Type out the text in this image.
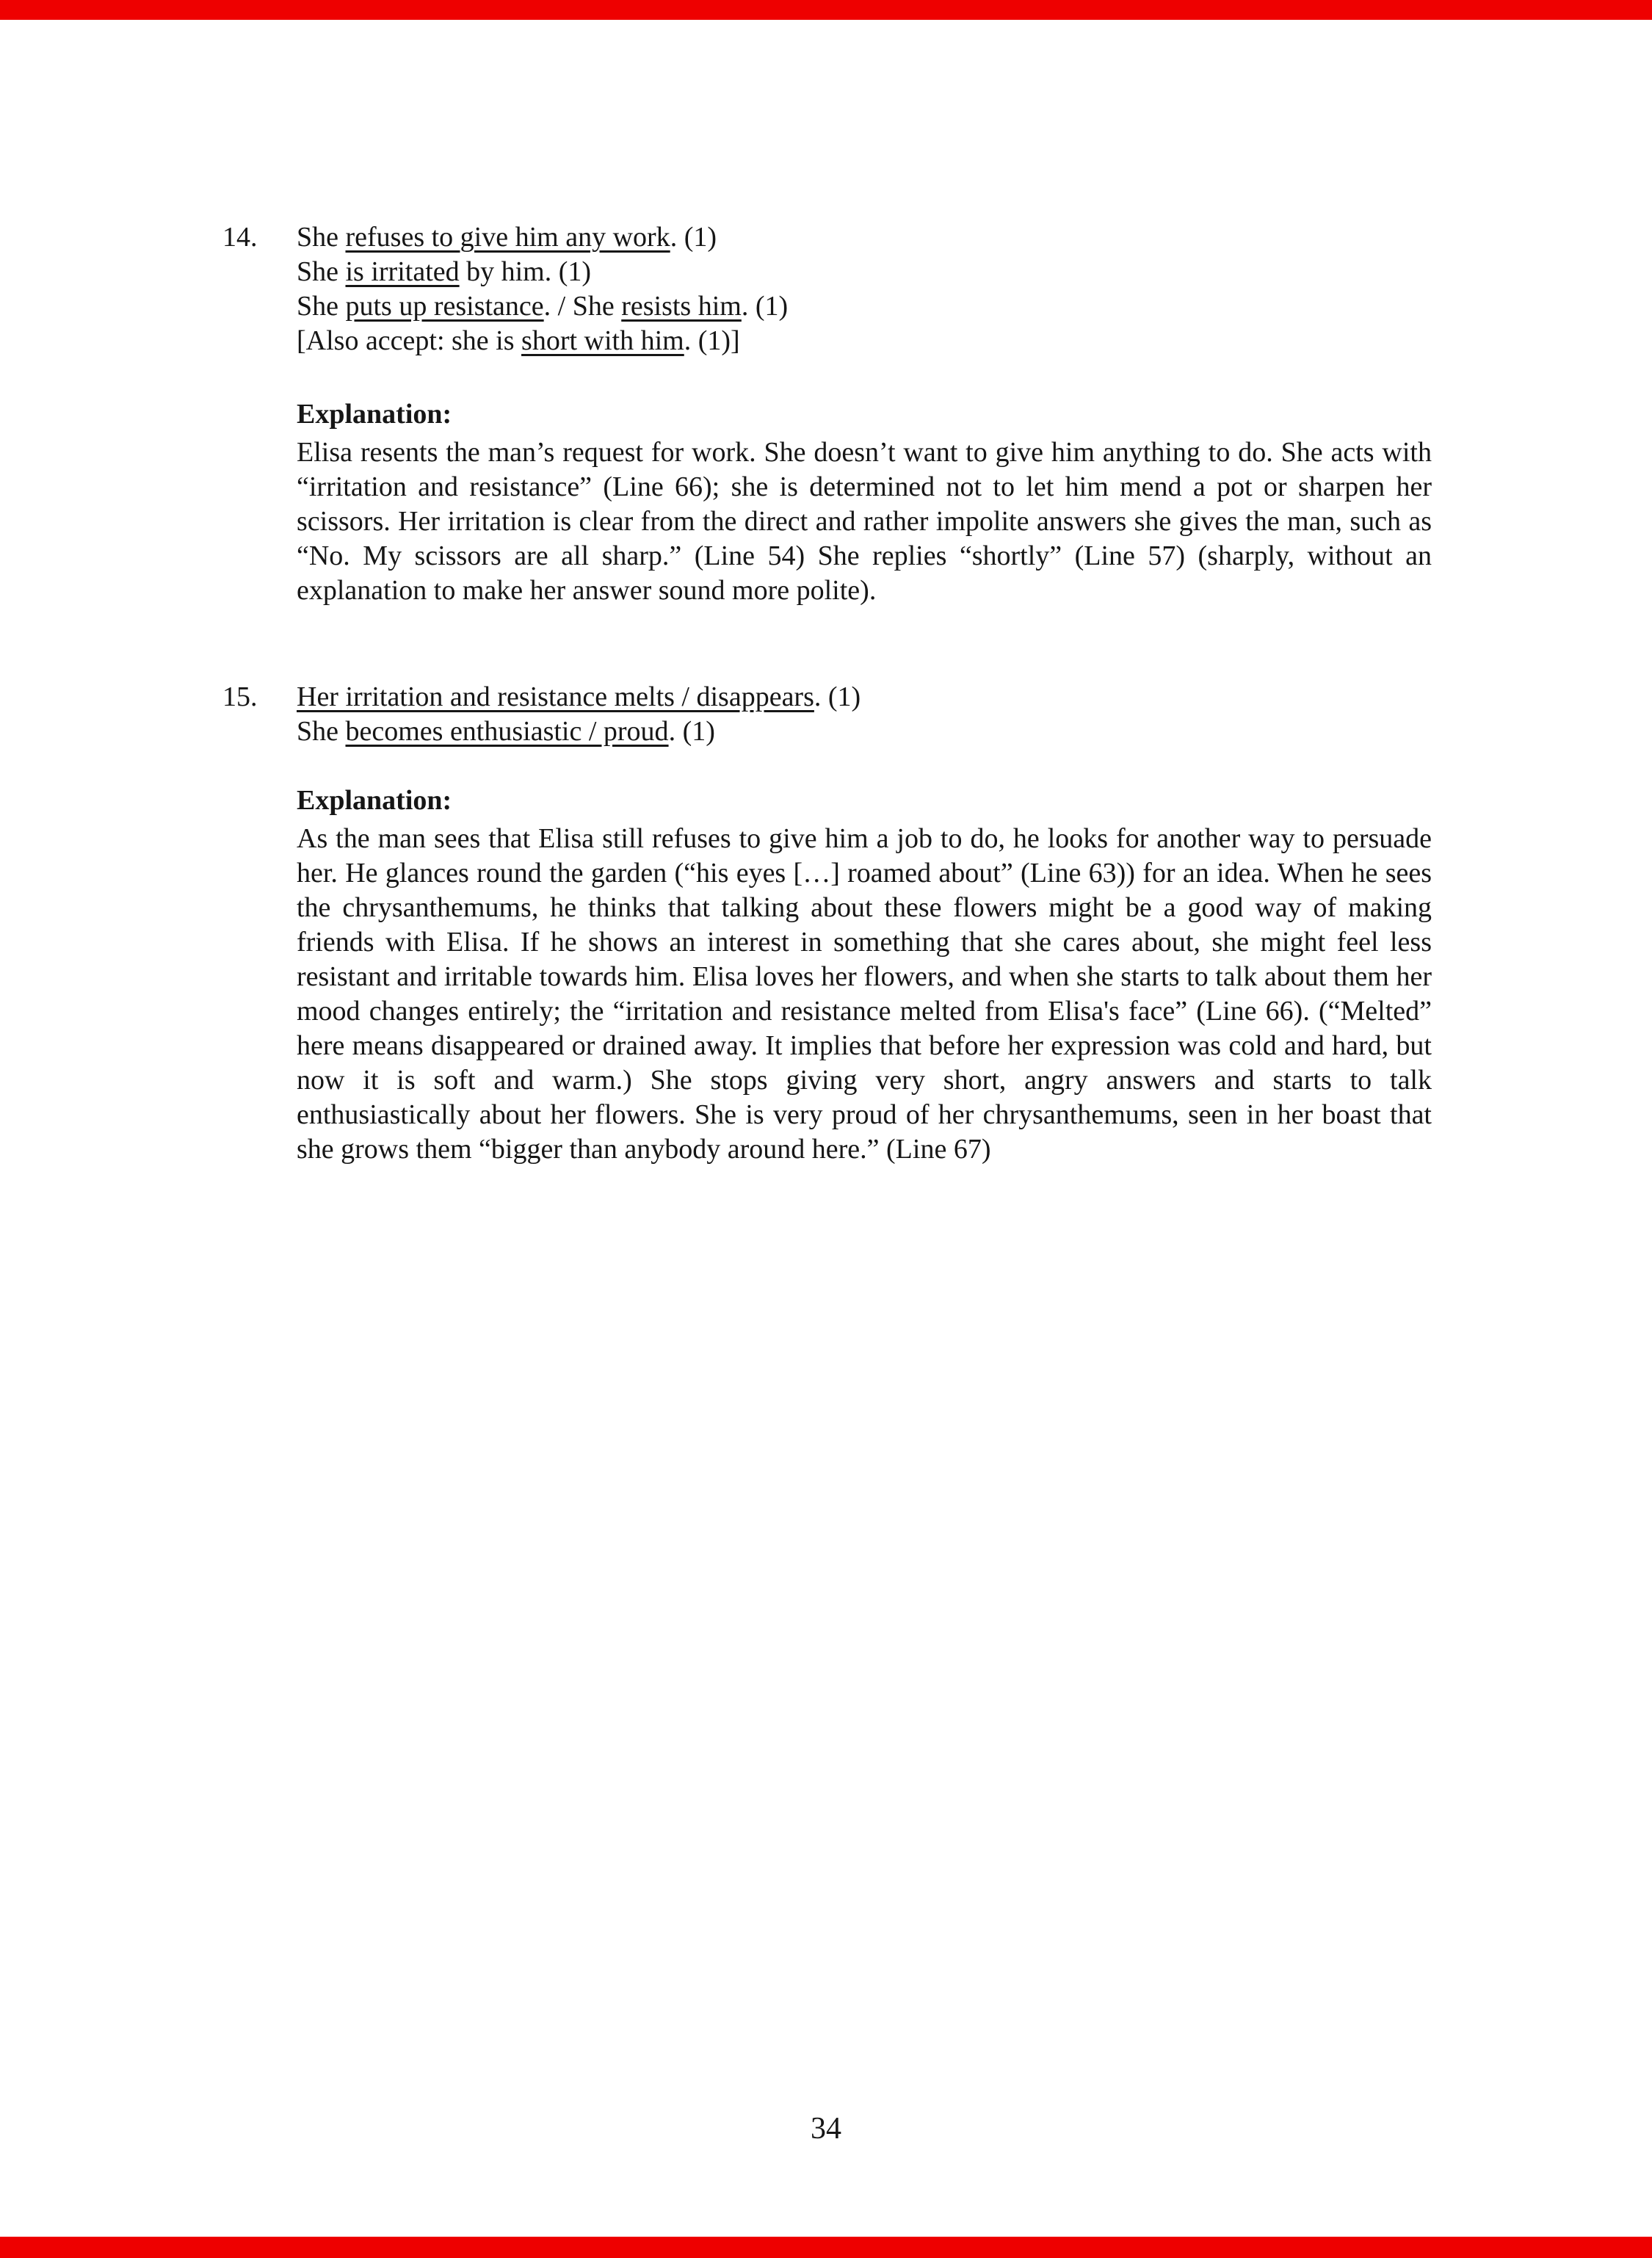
14.	She refuses to give him any work. (1)

She is irritated by him. (1)

She puts up resistance. / She resists him. (1)

[Also accept: she is short with him. (1)]

Explanation:

Elisa resents the man’s request for work. She doesn’t want to give him anything to do. She acts with “irritation and resistance” (Line 66); she is determined not to let him mend a pot or sharpen her scissors. Her irritation is clear from the direct and rather impolite answers she gives the man, such as “No. My scissors are all sharp.” (Line 54) She replies “shortly” (Line 57) (sharply, without an explanation to make her answer sound more polite).

15.	Her irritation and resistance melts / disappears. (1)

She becomes enthusiastic / proud. (1)

Explanation:

As the man sees that Elisa still refuses to give him a job to do, he looks for another way to persuade her. He glances round the garden (“his eyes […] roamed about” (Line 63)) for an idea. When he sees the chrysanthemums, he thinks that talking about these flowers might be a good way of making friends with Elisa. If he shows an interest in something that she cares about, she might feel less resistant and irritable towards him. Elisa loves her flowers, and when she starts to talk about them her mood changes entirely; the “irritation and resistance melted from Elisa's face” (Line 66). (“Melted” here means disappeared or drained away. It implies that before her expression was cold and hard, but now it is soft and warm.) She stops giving very short, angry answers and starts to talk enthusiastically about her flowers. She is very proud of her chrysanthemums, seen in her boast that she grows them “bigger than anybody around here.” (Line 67)

34
